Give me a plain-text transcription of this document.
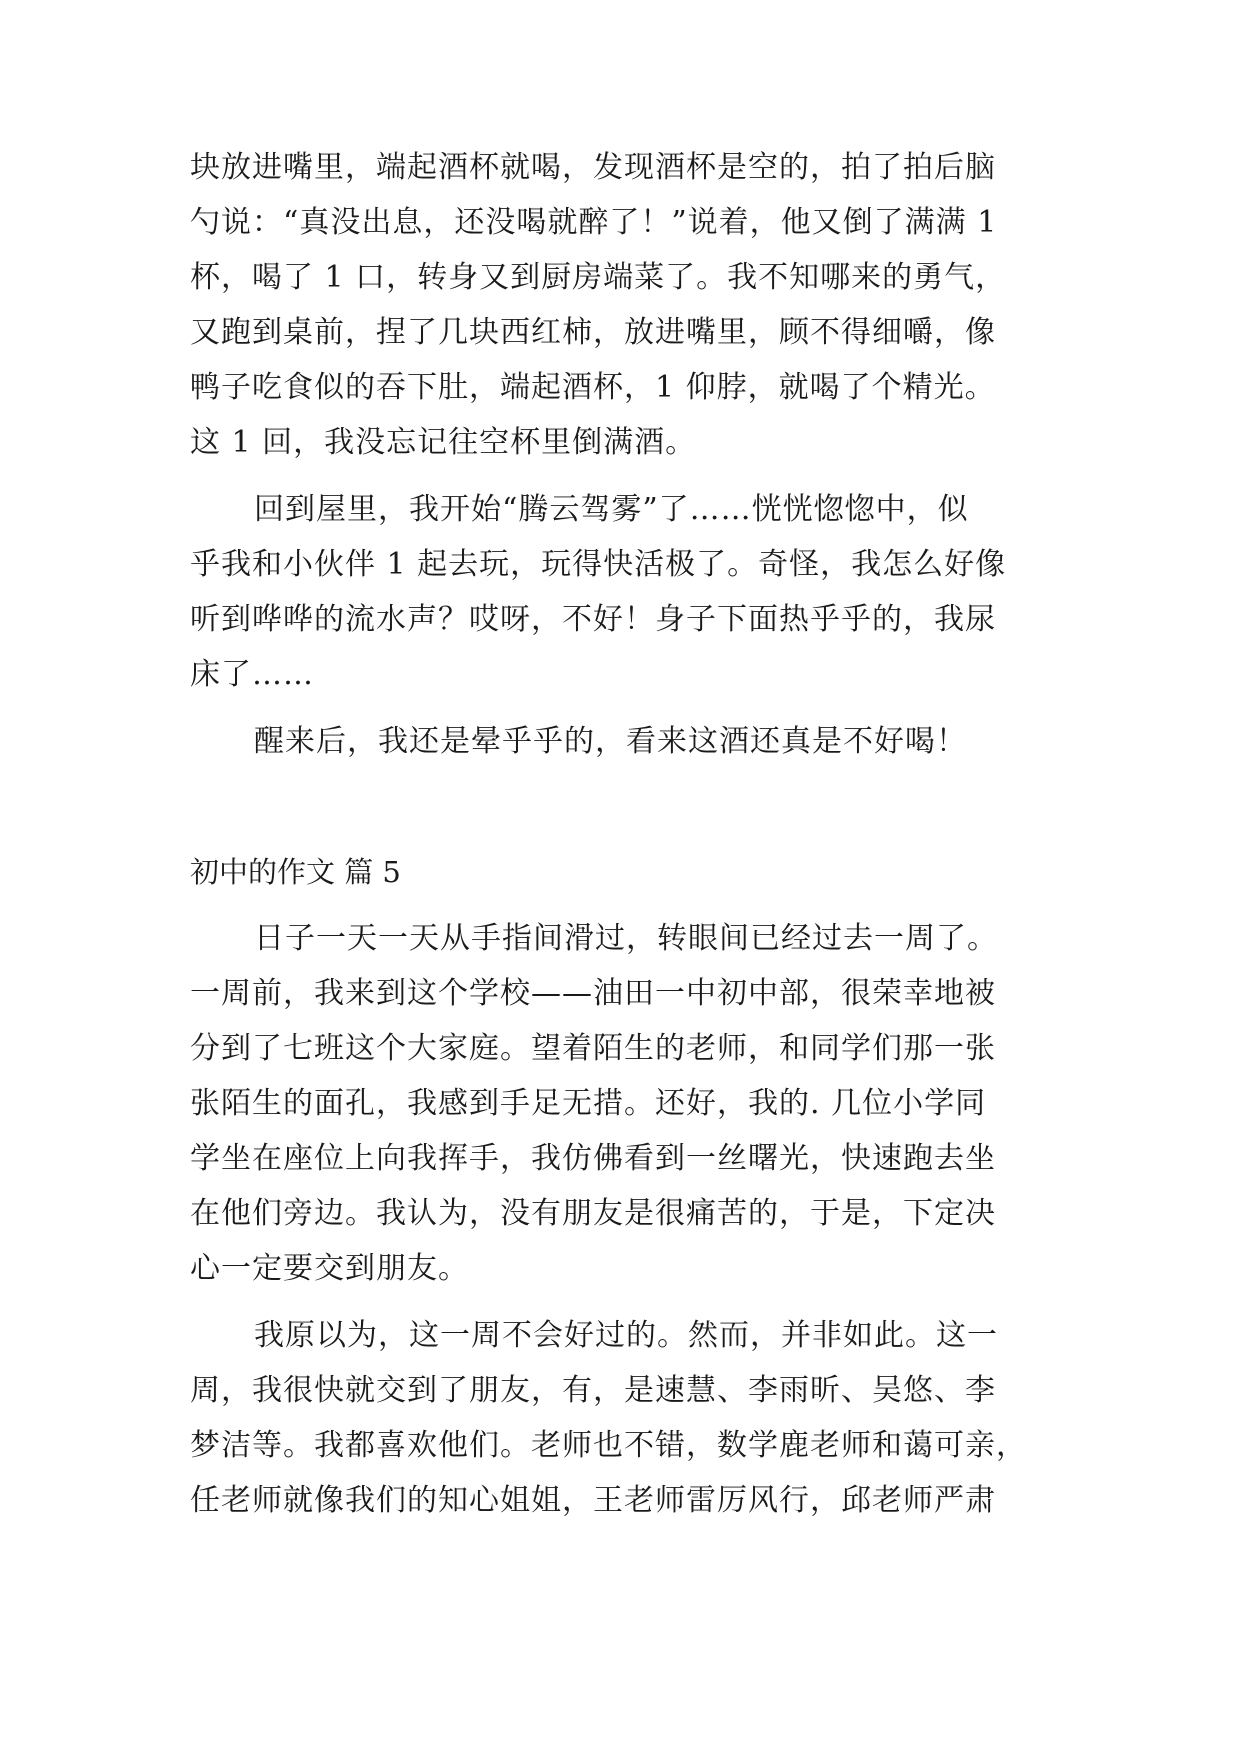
块放进嘴里，端起酒杯就喝，发现酒杯是空的，拍了拍后脑
勺说：“真没出息，还没喝就醉了！”说着，他又倒了满满 1
杯，喝了 1 口，转身又到厨房端菜了。我不知哪来的勇气，
又跑到桌前，捏了几块西红柿，放进嘴里，顾不得细嚼，像
鸭子吃食似的吞下肚，端起酒杯，1 仰脖，就喝了个精光。
这 1 回，我没忘记往空杯里倒满酒。
回到屋里，我开始“腾云驾雾”了……恍恍惚惚中，似
乎我和小伙伴 1 起去玩，玩得快活极了。奇怪，我怎么好像
听到哗哗的流水声？哎呀，不好！身子下面热乎乎的，我尿
床了……
醒来后，我还是晕乎乎的，看来这酒还真是不好喝！
初中的作文 篇 5
日子一天一天从手指间滑过，转眼间已经过去一周了。
一周前，我来到这个学校——油田一中初中部，很荣幸地被
分到了七班这个大家庭。望着陌生的老师，和同学们那一张
张陌生的面孔，我感到手足无措。还好，我的. 几位小学同
学坐在座位上向我挥手，我仿佛看到一丝曙光，快速跑去坐
在他们旁边。我认为，没有朋友是很痛苦的，于是，下定决
心一定要交到朋友。
我原以为，这一周不会好过的。然而，并非如此。这一
周，我很快就交到了朋友，有，是速慧、李雨昕、吴悠、李
梦洁等。我都喜欢他们。老师也不错，数学鹿老师和蔼可亲，
任老师就像我们的知心姐姐，王老师雷厉风行，邱老师严肃
